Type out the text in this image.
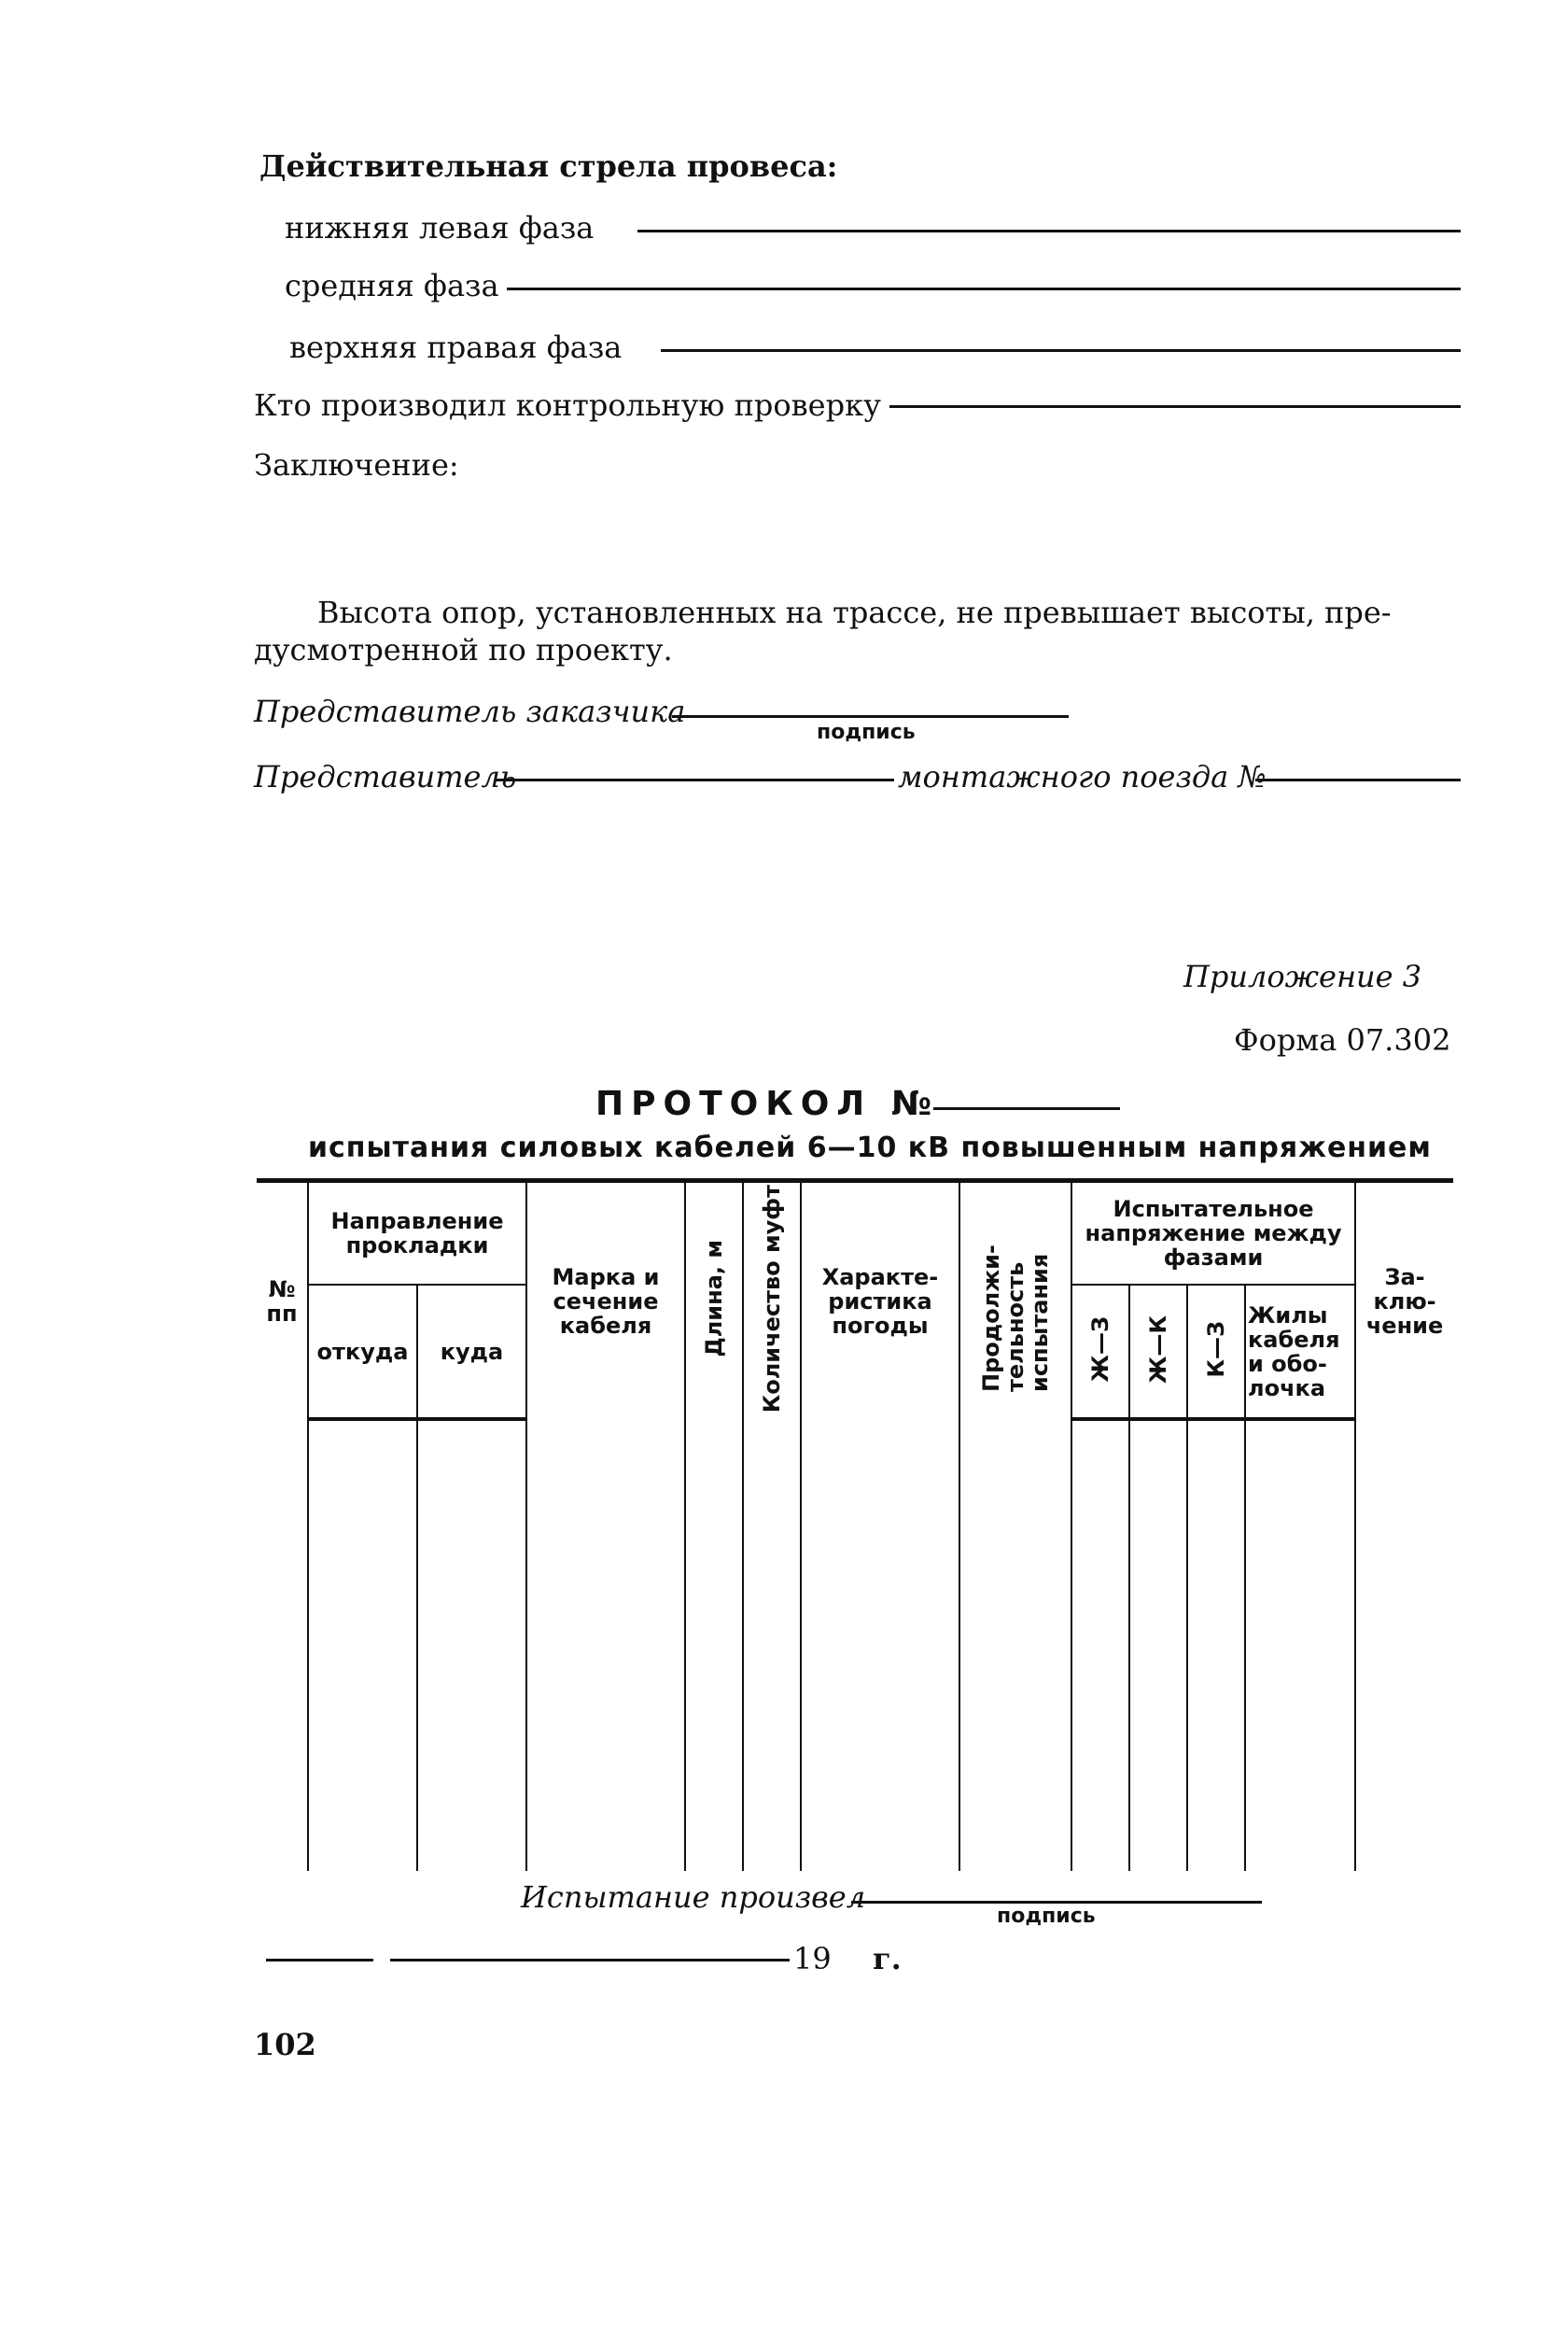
Действительная стрела провеса:
нижняя левая фаза
средняя фаза
верхняя правая фаза
Кто производил контрольную проверку
Заключение:
Высота опор, установленных на трассе, не превышает высоты, пре-
дусмотренной по проекту.
Представитель заказчика
подпись
Представитель	монтажного поезда №
Приложение 3
Форма 07.302
ПРОТОКОЛ №
испытания силовых кабелей 6—10 кВ повышенным напряжением
№ пп	Направление прокладки		Марка и сечение кабеля	Длина, м	Количество муфт	Характе-ристика погоды	Продолжи-тельность испытания	Испытательное напряжение между фазами				За-клю-чение
	откуда	куда						Ж—З	Ж—К	К—З	Жилы кабеля и обо-лочка	

Испытание произвел
подпись
19 г.
102
